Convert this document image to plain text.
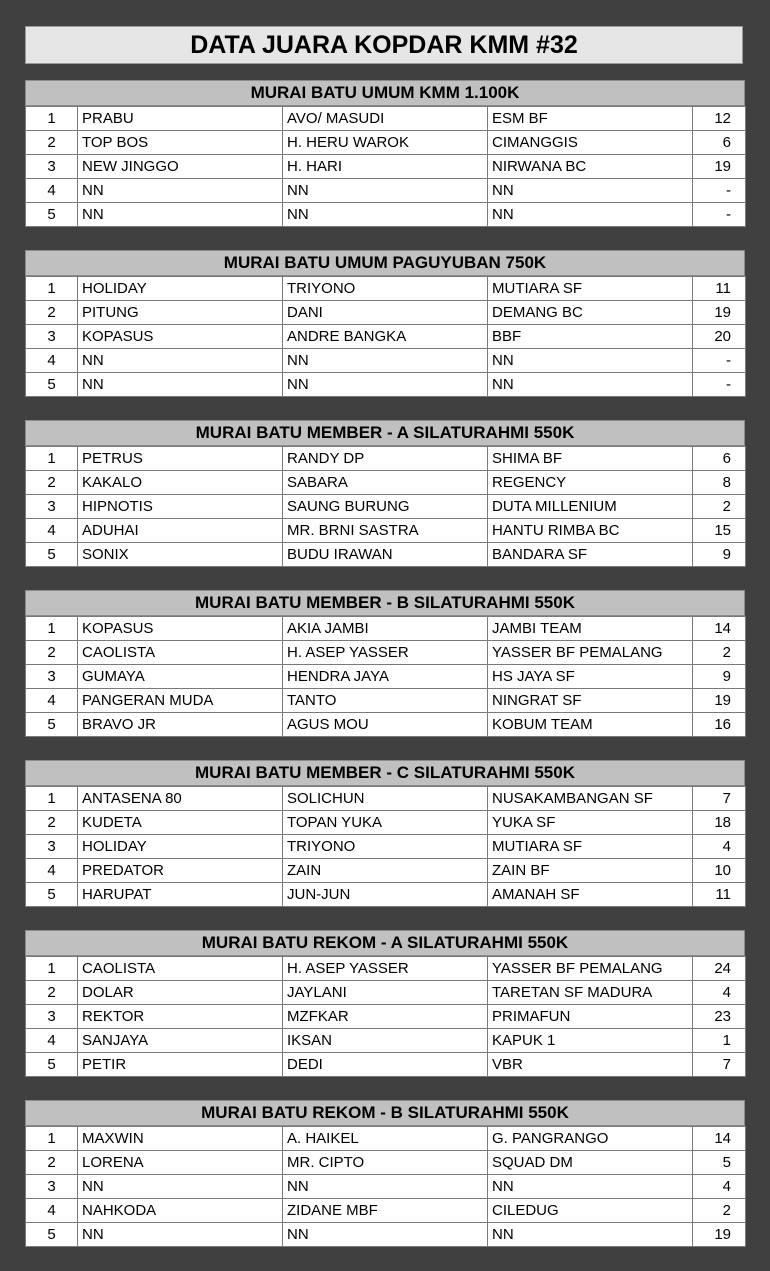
DATA JUARA KOPDAR KMM #32
MURAI BATU UMUM KMM 1.100K
1	PRABU	AVO/ MASUDI	ESM BF	12
2	TOP BOS	H. HERU WAROK	CIMANGGIS	6
3	NEW JINGGO	H. HARI	NIRWANA BC	19
4	NN	NN	NN	-
5	NN	NN	NN	-
MURAI BATU UMUM PAGUYUBAN 750K
1	HOLIDAY	TRIYONO	MUTIARA SF	11
2	PITUNG	DANI	DEMANG BC	19
3	KOPASUS	ANDRE BANGKA	BBF	20
4	NN	NN	NN	-
5	NN	NN	NN	-
MURAI BATU MEMBER - A SILATURAHMI 550K
1	PETRUS	RANDY DP	SHIMA BF	6
2	KAKALO	SABARA	REGENCY	8
3	HIPNOTIS	SAUNG BURUNG	DUTA MILLENIUM	2
4	ADUHAI	MR. BRNI SASTRA	HANTU RIMBA BC	15
5	SONIX	BUDU IRAWAN	BANDARA SF	9
MURAI BATU MEMBER - B SILATURAHMI 550K
1	KOPASUS	AKIA JAMBI	JAMBI TEAM	14
2	CAOLISTA	H. ASEP YASSER	YASSER BF PEMALANG	2
3	GUMAYA	HENDRA JAYA	HS JAYA SF	9
4	PANGERAN MUDA	TANTO	NINGRAT SF	19
5	BRAVO JR	AGUS MOU	KOBUM TEAM	16
MURAI BATU MEMBER - C SILATURAHMI 550K
1	ANTASENA 80	SOLICHUN	NUSAKAMBANGAN SF	7
2	KUDETA	TOPAN YUKA	YUKA SF	18
3	HOLIDAY	TRIYONO	MUTIARA SF	4
4	PREDATOR	ZAIN	ZAIN BF	10
5	HARUPAT	JUN-JUN	AMANAH SF	11
MURAI BATU REKOM - A SILATURAHMI 550K
1	CAOLISTA	H. ASEP YASSER	YASSER BF PEMALANG	24
2	DOLAR	JAYLANI	TARETAN SF MADURA	4
3	REKTOR	MZFKAR	PRIMAFUN	23
4	SANJAYA	IKSAN	KAPUK 1	1
5	PETIR	DEDI	VBR	7
MURAI BATU REKOM - B SILATURAHMI 550K
1	MAXWIN	A. HAIKEL	G. PANGRANGO	14
2	LORENA	MR. CIPTO	SQUAD DM	5
3	NN	NN	NN	4
4	NAHKODA	ZIDANE MBF	CILEDUG	2
5	NN	NN	NN	19
